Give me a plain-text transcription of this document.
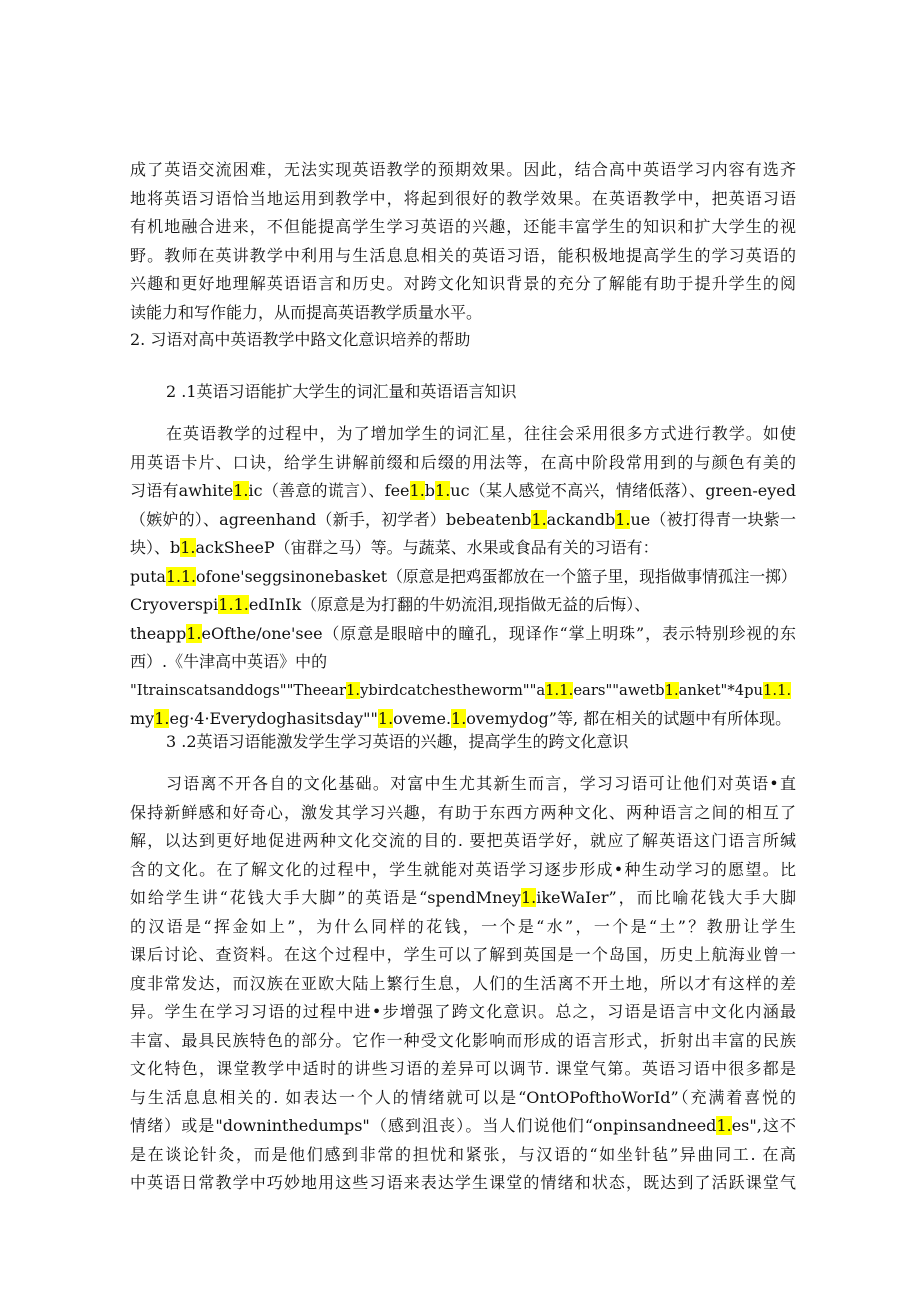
成了英语交流困难，无法实现英语教学的预期效果。因此，结合高中英语学习内容有选齐
地将英语习语恰当地运用到教学中，将起到很好的教学效果。在英语教学中，把英语习语
有机地融合进来，不但能提高学生学习英语的兴趣，还能丰富学生的知识和扩大学生的视
野。教师在英讲教学中利用与生活息息相关的英语习语，能积极地提高学生的学习英语的
兴趣和更好地理解英语语言和历史。对跨文化知识背景的充分了解能有助于提升学生的阅
读能力和写作能力，从而提高英语教学质量水平。
2. 习语对高中英语教学中路文化意识培养的帮助
2 .1英语习语能扩大学生的词汇量和英语语言知识
在英语教学的过程中，为了增加学生的词汇星，往往会采用很多方式进行教学。如使
用英语卡片、口诀，给学生讲解前缀和后缀的用法等，在高中阶段常用到的与颜色有美的
习语有awhite1.ic（善意的谎言）、fee1.b1.uc（某人感觉不高兴，情绪低落）、green-eyed
（嫉妒的）、agreenhand（新手，初学者）bebeatenb1.ackandb1.ue（被打得青一块紫一
块）、b1.ackSheeP（宙群之马）等。与蔬菜、水果或食品有关的习语有：
puta1.1.ofone'seggsinonebasket（原意是把鸡蛋都放在一个篮子里，现指做事情孤注一掷）
Cryoverspi1.1.edInIk（原意是为打翻的牛奶流泪,现指做无益的后悔）、
theapp1.eOfthe/one'see（原意是眼暗中的瞳孔，现译作“掌上明珠”，表示特别珍视的东
西）.《牛津高中英语》中的
"Itrainscatsanddogs""Theear1.ybirdcatchestheworm""a1.1.ears""awetb1.anket"*4pu1.1.
my1.eg·4·Everydoghasitsday""1.oveme.1.ovemydog”等, 都在相关的试题中有所体现。
3 .2英语习语能激发学生学习英语的兴趣，提高学生的跨文化意识
习语离不开各自的文化基础。对富中生尤其新生而言，学习习语可让他们对英语•直
保持新鲜感和好奇心，激发其学习兴趣，有助于东西方两种文化、两种语言之间的相互了
解，以达到更好地促进两种文化交流的目的. 要把英语学好，就应了解英语这门语言所缄
含的文化。在了解文化的过程中，学生就能对英语学习逐步形成•种生动学习的愿望。比
如给学生讲“花钱大手大脚”的英语是“spendMney1.ikeWaIer”，而比喻花钱大手大脚
的汉语是“挥金如上”，为什么同样的花钱，一个是“水”，一个是“土”？教册让学生
课后讨论、查资料。在这个过程中，学生可以了解到英国是一个岛国，历史上航海业曾一
度非常发达，而汉族在亚欧大陆上繁行生息，人们的生活离不开土地，所以才有这样的差
异。学生在学习习语的过程中进•步增强了跨文化意识。总之，习语是语言中文化内涵最
丰富、最具民族特色的部分。它作一种受文化影响而形成的语言形式，折射出丰富的民族
文化特色，课堂教学中适时的讲些习语的差异可以调节. 课堂气第。英语习语中很多都是
与生活息息相关的. 如表达一个人的情绪就可以是“OntOPofthoWorId”（充满着喜悦的
情绪）或是"downinthedumps"（感到沮丧）。当人们说他们“onpinsandneed1.es",这不
是在谈论针灸，而是他们感到非常的担忧和紧张，与汉语的“如坐针毡”异曲同工. 在高
中英语日常教学中巧妙地用这些习语来表达学生课堂的情绪和状态，既达到了活跃课堂气
